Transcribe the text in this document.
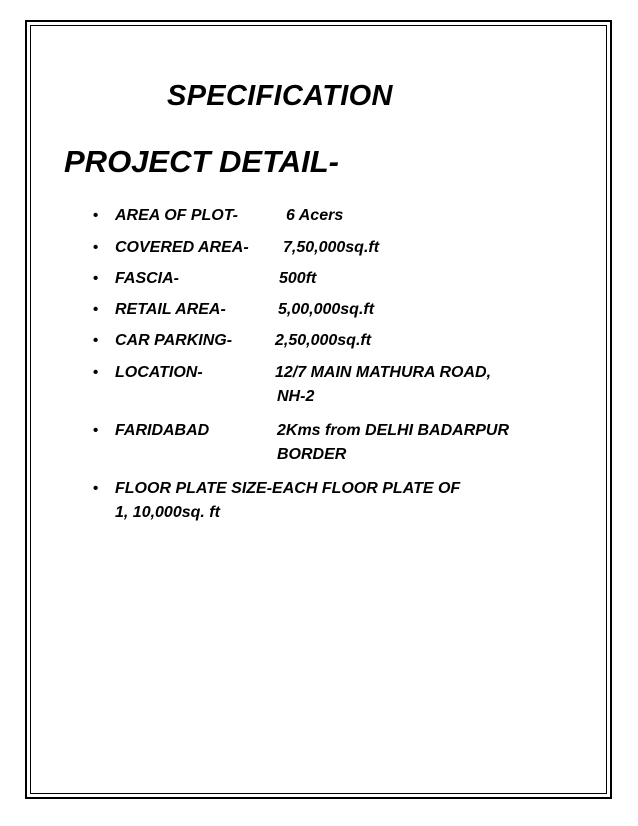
SPECIFICATION
PROJECT DETAIL-
• AREA OF PLOT-	6 Acers
• COVERED AREA- 7,50,000sq.ft
• FASCIA-	500ft
• RETAIL AREA-	5,00,000sq.ft
• CAR PARKING-	2,50,000sq.ft
• LOCATION-	12/7 MAIN MATHURA ROAD,
NH-2
• FARIDABAD	2Kms from DELHI BADARPUR
BORDER
• FLOOR PLATE SIZE-EACH FLOOR PLATE OF
1, 10,000sq. ft
